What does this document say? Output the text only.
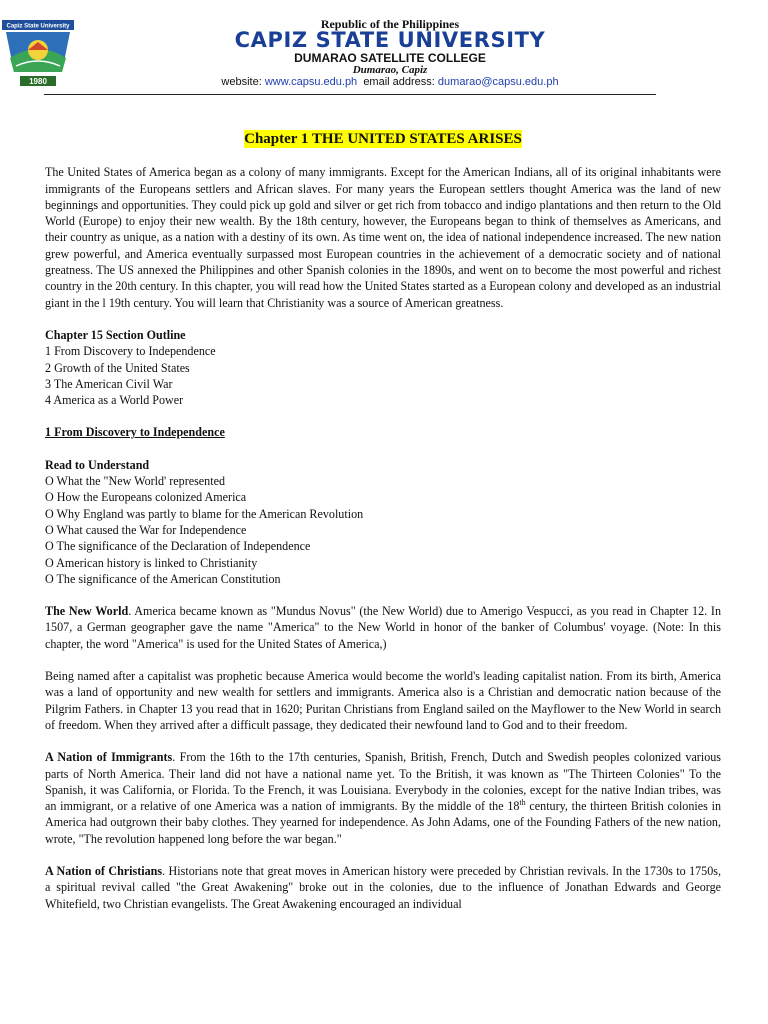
Capiz State University
1980
Republic of the Philippines
CAPIZ STATE UNIVERSITY
DUMARAO SATELLITE COLLEGE
Dumarao, Capiz
website: www.capsu.edu.ph email address: dumarao@capsu.edu.ph
Chapter 1 THE UNITED STATES ARISES

The United States of America began as a colony of many immigrants. Except for the American Indians, all of its original inhabitants were immigrants of the Europeans settlers and African slaves. For many years the European settlers thought America was the land of new beginnings and opportunities. They could pick up gold and silver or get rich from tobacco and indigo plantations and then return to the Old World (Europe) to enjoy their new wealth. By the 18th century, however, the Europeans began to think of themselves as Americans, and their country as unique, as a nation with a destiny of its own. As time went on, the idea of national independence increased. The new nation grew powerful, and America eventually surpassed most European countries in the achievement of a democratic society and of national greatness. The US annexed the Philippines and other Spanish colonies in the 1890s, and went on to become the most powerful and richest country in the 20th century. In this chapter, you will read how the United States started as a European colony and developed as an industrial giant in the l 19th century. You will learn that Christianity was a source of American greatness.

Chapter 15 Section Outline
1 From Discovery to Independence
2 Growth of the United States
3 The American Civil War
4 America as a World Power
1 From Discovery to Independence
Read to Understand
O What the "New World' represented
O How the Europeans colonized America
O Why England was partly to blame for the American Revolution
O What caused the War for Independence
O The significance of the Declaration of Independence
O American history is linked to Christianity
O The significance of the American Constitution

The New World. America became known as "Mundus Novus" (the New World) due to Amerigo Vespucci, as you read in Chapter 12. In 1507, a German geographer gave the name "America" to the New World in honor of the banker of Columbus' voyage. (Note: In this chapter, the word "America" is used for the United States of America,)

Being named after a capitalist was prophetic because America would become the world's leading capitalist nation. From its birth, America was a land of opportunity and new wealth for settlers and immigrants. America also is a Christian and democratic nation because of the Pilgrim Fathers. in Chapter 13 you read that in 1620; Puritan Christians from England sailed on the Mayflower to the New World in search of freedom. When they arrived after a difficult passage, they dedicated their newfound land to God and to their freedom.

A Nation of Immigrants. From the 16th to the 17th centuries, Spanish, British, French, Dutch and Swedish peoples colonized various parts of North America. Their land did not have a national name yet. To the British, it was known as "The Thirteen Colonies" To the Spanish, it was California, or Florida. To the French, it was Louisiana. Everybody in the colonies, except for the native Indian tribes, was an immigrant, or a relative of one America was a nation of immigrants. By the middle of the 18th century, the thirteen British colonies in America had outgrown their baby clothes. They yearned for independence. As John Adams, one of the Founding Fathers of the new nation, wrote, "The revolution happened long before the war began."

A Nation of Christians. Historians note that great moves in American history were preceded by Christian revivals. In the 1730s to 1750s, a spiritual revival called "the Great Awakening" broke out in the colonies, due to the influence of Jonathan Edwards and George Whitefield, two Christian evangelists. The Great Awakening encouraged an individual
